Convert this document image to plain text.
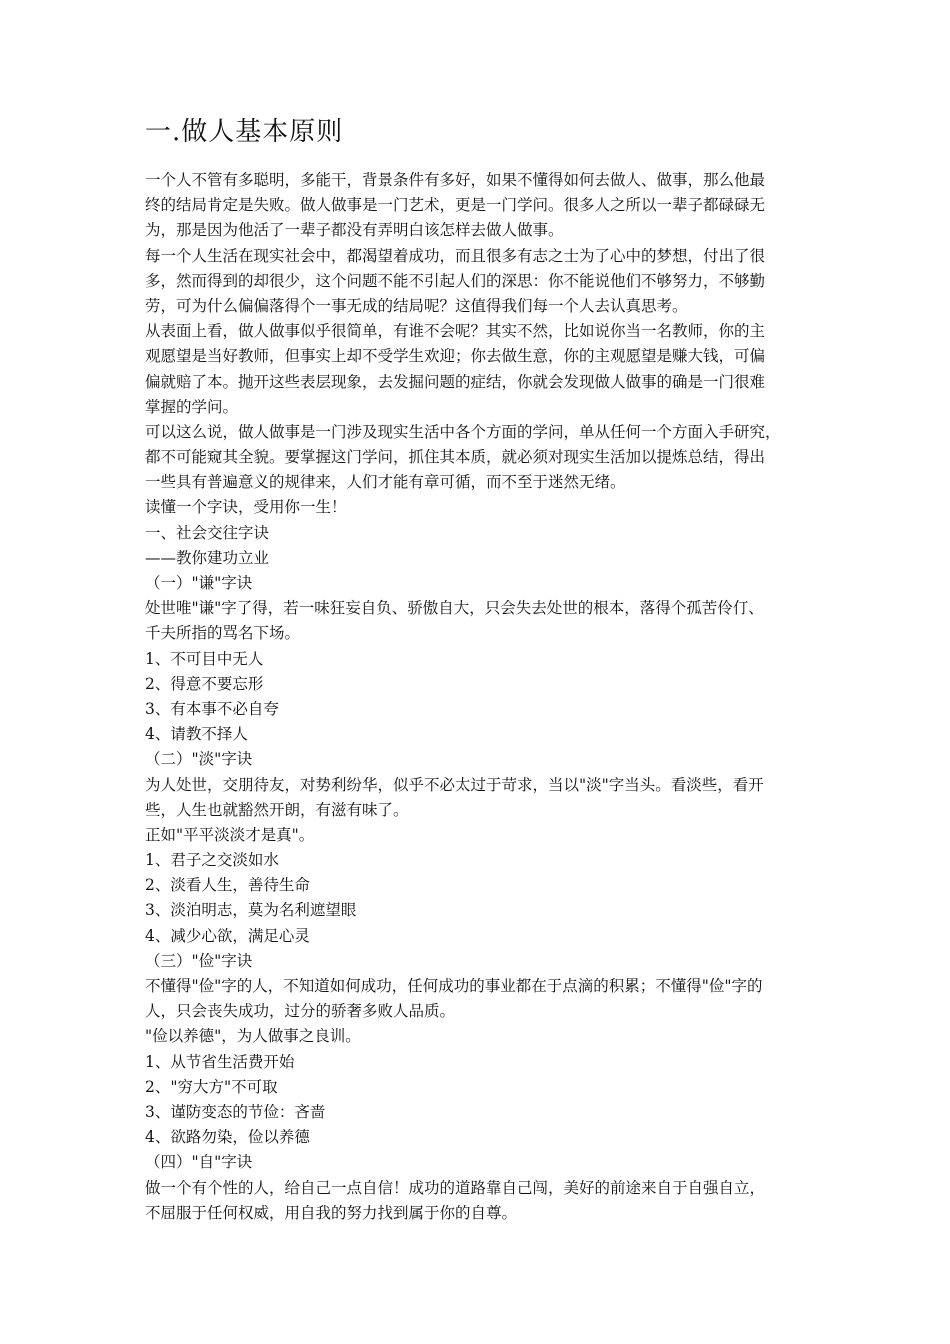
一.做人基本原则
一个人不管有多聪明，多能干，背景条件有多好，如果不懂得如何去做人、做事，那么他最
终的结局肯定是失败。做人做事是一门艺术，更是一门学问。很多人之所以一辈子都碌碌无
为，那是因为他活了一辈子都没有弄明白该怎样去做人做事。
每一个人生活在现实社会中，都渴望着成功，而且很多有志之士为了心中的梦想，付出了很
多，然而得到的却很少，这个问题不能不引起人们的深思：你不能说他们不够努力，不够勤
劳，可为什么偏偏落得个一事无成的结局呢？这值得我们每一个人去认真思考。
从表面上看，做人做事似乎很简单，有谁不会呢？其实不然，比如说你当一名教师，你的主
观愿望是当好教师，但事实上却不受学生欢迎；你去做生意，你的主观愿望是赚大钱，可偏
偏就赔了本。抛开这些表层现象，去发掘问题的症结，你就会发现做人做事的确是一门很难
掌握的学问。
可以这么说，做人做事是一门涉及现实生活中各个方面的学问，单从任何一个方面入手研究，
都不可能窥其全貌。要掌握这门学问，抓住其本质，就必须对现实生活加以提炼总结，得出
一些具有普遍意义的规律来，人们才能有章可循，而不至于迷然无绪。
读懂一个字诀，受用你一生！
一、社会交往字诀
——教你建功立业
（一）"谦"字诀
处世唯"谦"字了得，若一味狂妄自负、骄傲自大，只会失去处世的根本，落得个孤苦伶仃、
千夫所指的骂名下场。
1、不可目中无人
2、得意不要忘形
3、有本事不必自夸
4、请教不择人
（二）"淡"字诀
为人处世，交朋待友，对势利纷华，似乎不必太过于苛求，当以"淡"字当头。看淡些，看开
些，人生也就豁然开朗，有滋有味了。
正如"平平淡淡才是真"。
1、君子之交淡如水
2、淡看人生，善待生命
3、淡泊明志，莫为名利遮望眼
4、减少心欲，满足心灵
（三）"俭"字诀
不懂得"俭"字的人，不知道如何成功，任何成功的事业都在于点滴的积累；不懂得"俭"字的
人，只会丧失成功，过分的骄奢多败人品质。
"俭以养德"，为人做事之良训。
1、从节省生活费开始
2、"穷大方"不可取
3、谨防变态的节俭：吝啬
4、欲路勿染，俭以养德
（四）"自"字诀
做一个有个性的人，给自己一点自信！成功的道路靠自己闯，美好的前途来自于自强自立，
不屈服于任何权威，用自我的努力找到属于你的自尊。
